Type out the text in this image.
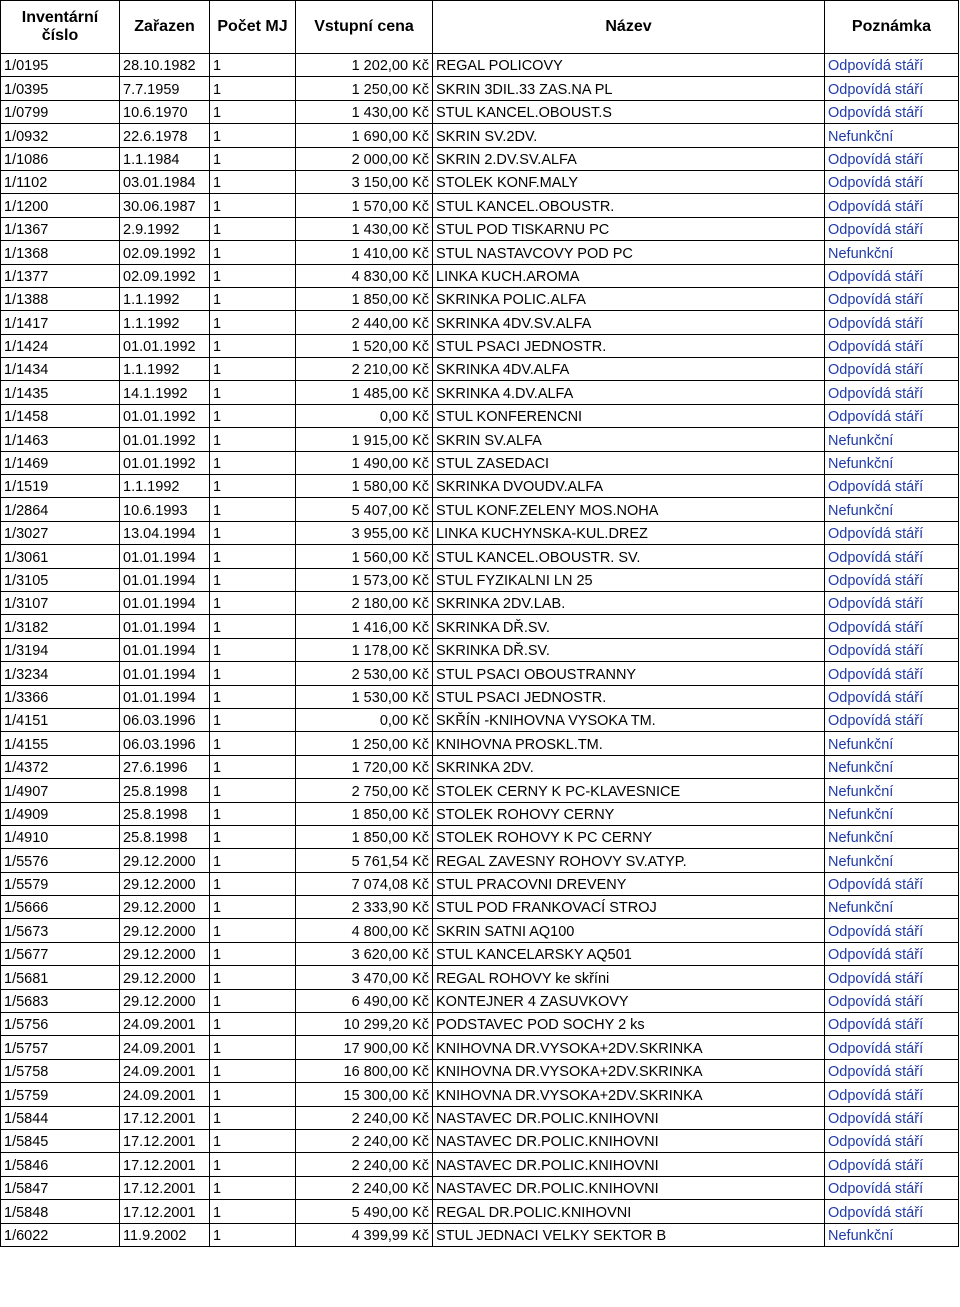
Inventární číslo	Zařazen	Počet MJ	Vstupní cena	Název	Poznámka
1/0195	28.10.1982	1	1 202,00 Kč	REGAL POLICOVY	Odpovídá stáří
1/0395	7.7.1959	1	1 250,00 Kč	SKRIN 3DIL.33 ZAS.NA PL	Odpovídá stáří
1/0799	10.6.1970	1	1 430,00 Kč	STUL KANCEL.OBOUST.S	Odpovídá stáří
1/0932	22.6.1978	1	1 690,00 Kč	SKRIN SV.2DV.	Nefunkční
1/1086	1.1.1984	1	2 000,00 Kč	SKRIN 2.DV.SV.ALFA	Odpovídá stáří
1/1102	03.01.1984	1	3 150,00 Kč	STOLEK KONF.MALY	Odpovídá stáří
1/1200	30.06.1987	1	1 570,00 Kč	STUL KANCEL.OBOUSTR.	Odpovídá stáří
1/1367	2.9.1992	1	1 430,00 Kč	STUL POD TISKARNU PC	Odpovídá stáří
1/1368	02.09.1992	1	1 410,00 Kč	STUL NASTAVCOVY POD PC	Nefunkční
1/1377	02.09.1992	1	4 830,00 Kč	LINKA KUCH.AROMA	Odpovídá stáří
1/1388	1.1.1992	1	1 850,00 Kč	SKRINKA POLIC.ALFA	Odpovídá stáří
1/1417	1.1.1992	1	2 440,00 Kč	SKRINKA 4DV.SV.ALFA	Odpovídá stáří
1/1424	01.01.1992	1	1 520,00 Kč	STUL PSACI JEDNOSTR.	Odpovídá stáří
1/1434	1.1.1992	1	2 210,00 Kč	SKRINKA 4DV.ALFA	Odpovídá stáří
1/1435	14.1.1992	1	1 485,00 Kč	SKRINKA 4.DV.ALFA	Odpovídá stáří
1/1458	01.01.1992	1	0,00 Kč	STUL KONFERENCNI	Odpovídá stáří
1/1463	01.01.1992	1	1 915,00 Kč	SKRIN SV.ALFA	Nefunkční
1/1469	01.01.1992	1	1 490,00 Kč	STUL ZASEDACI	Nefunkční
1/1519	1.1.1992	1	1 580,00 Kč	SKRINKA DVOUDV.ALFA	Odpovídá stáří
1/2864	10.6.1993	1	5 407,00 Kč	STUL KONF.ZELENY MOS.NOHA	Nefunkční
1/3027	13.04.1994	1	3 955,00 Kč	LINKA KUCHYNSKA-KUL.DREZ	Odpovídá stáří
1/3061	01.01.1994	1	1 560,00 Kč	STUL KANCEL.OBOUSTR. SV.	Odpovídá stáří
1/3105	01.01.1994	1	1 573,00 Kč	STUL FYZIKALNI LN 25	Odpovídá stáří
1/3107	01.01.1994	1	2 180,00 Kč	SKRINKA 2DV.LAB.	Odpovídá stáří
1/3182	01.01.1994	1	1 416,00 Kč	SKRINKA DŘ.SV.	Odpovídá stáří
1/3194	01.01.1994	1	1 178,00 Kč	SKRINKA DŘ.SV.	Odpovídá stáří
1/3234	01.01.1994	1	2 530,00 Kč	STUL PSACI OBOUSTRANNY	Odpovídá stáří
1/3366	01.01.1994	1	1 530,00 Kč	STUL PSACI JEDNOSTR.	Odpovídá stáří
1/4151	06.03.1996	1	0,00 Kč	SKŘÍN -KNIHOVNA VYSOKA TM.	Odpovídá stáří
1/4155	06.03.1996	1	1 250,00 Kč	KNIHOVNA PROSKL.TM.	Nefunkční
1/4372	27.6.1996	1	1 720,00 Kč	SKRINKA 2DV.	Nefunkční
1/4907	25.8.1998	1	2 750,00 Kč	STOLEK CERNY K PC-KLAVESNICE	Nefunkční
1/4909	25.8.1998	1	1 850,00 Kč	STOLEK ROHOVY CERNY	Nefunkční
1/4910	25.8.1998	1	1 850,00 Kč	STOLEK ROHOVY K PC CERNY	Nefunkční
1/5576	29.12.2000	1	5 761,54 Kč	REGAL ZAVESNY ROHOVY SV.ATYP.	Nefunkční
1/5579	29.12.2000	1	7 074,08 Kč	STUL PRACOVNI DREVENY	Odpovídá stáří
1/5666	29.12.2000	1	2 333,90 Kč	STUL POD FRANKOVACÍ STROJ	Nefunkční
1/5673	29.12.2000	1	4 800,00 Kč	SKRIN SATNI AQ100	Odpovídá stáří
1/5677	29.12.2000	1	3 620,00 Kč	STUL KANCELARSKY AQ501	Odpovídá stáří
1/5681	29.12.2000	1	3 470,00 Kč	REGAL ROHOVY ke skříni	Odpovídá stáří
1/5683	29.12.2000	1	6 490,00 Kč	KONTEJNER 4 ZASUVKOVY	Odpovídá stáří
1/5756	24.09.2001	1	10 299,20 Kč	PODSTAVEC POD SOCHY 2 ks	Odpovídá stáří
1/5757	24.09.2001	1	17 900,00 Kč	KNIHOVNA DR.VYSOKA+2DV.SKRINKA	Odpovídá stáří
1/5758	24.09.2001	1	16 800,00 Kč	KNIHOVNA DR.VYSOKA+2DV.SKRINKA	Odpovídá stáří
1/5759	24.09.2001	1	15 300,00 Kč	KNIHOVNA DR.VYSOKA+2DV.SKRINKA	Odpovídá stáří
1/5844	17.12.2001	1	2 240,00 Kč	NASTAVEC DR.POLIC.KNIHOVNI	Odpovídá stáří
1/5845	17.12.2001	1	2 240,00 Kč	NASTAVEC DR.POLIC.KNIHOVNI	Odpovídá stáří
1/5846	17.12.2001	1	2 240,00 Kč	NASTAVEC DR.POLIC.KNIHOVNI	Odpovídá stáří
1/5847	17.12.2001	1	2 240,00 Kč	NASTAVEC DR.POLIC.KNIHOVNI	Odpovídá stáří
1/5848	17.12.2001	1	5 490,00 Kč	REGAL DR.POLIC.KNIHOVNI	Odpovídá stáří
1/6022	11.9.2002	1	4 399,99 Kč	STUL JEDNACI VELKY SEKTOR B	Nefunkční
